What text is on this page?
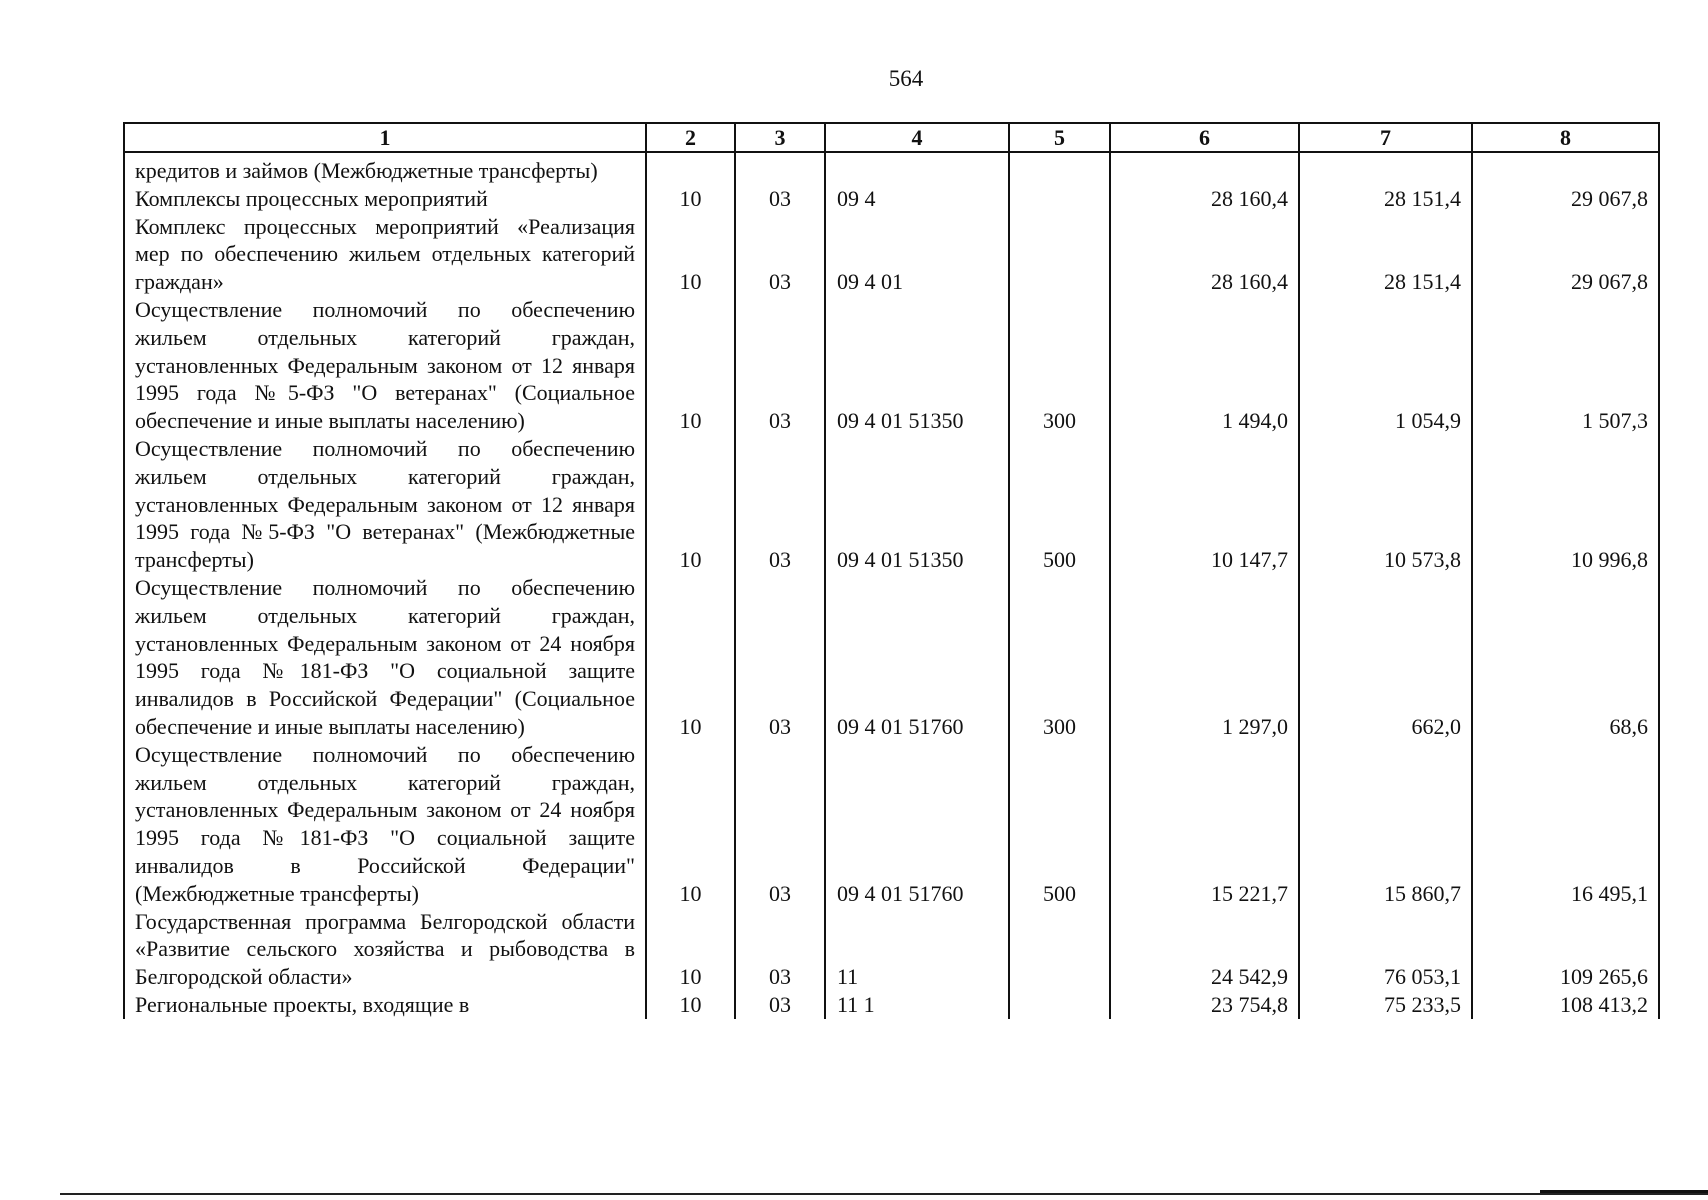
564
1	2	3	4	5	6	7	8
кредитов и займов (Межбюджетные трансферты)							
Комплексы процессных мероприятий	10	03	09 4		28 160,4	28 151,4	29 067,8
Комплекс процессных мероприятий «Реализация мер по обеспечению жильем отдельных категорий граждан»	10	03	09 4 01		28 160,4	28 151,4	29 067,8
Осуществление полномочий по обеспечению жильем отдельных категорий граждан, установленных Федеральным законом от 12 января 1995 года №5-ФЗ "О ветеранах" (Социальное обеспечение и иные выплаты населению)	10	03	09 4 01 51350	300	1 494,0	1 054,9	1 507,3
Осуществление полномочий по обеспечению жильем отдельных категорий граждан, установленных Федеральным законом от 12 января 1995 года №5-ФЗ "О ветеранах" (Межбюджетные трансферты)	10	03	09 4 01 51350	500	10 147,7	10 573,8	10 996,8
Осуществление полномочий по обеспечению жильем отдельных категорий граждан, установленных Федеральным законом от 24 ноября 1995 года №181-ФЗ "О социальной защите инвалидов в Российской Федерации" (Социальное обеспечение и иные выплаты населению)	10	03	09 4 01 51760	300	1 297,0	662,0	68,6
Осуществление полномочий по обеспечению жильем отдельных категорий граждан, установленных Федеральным законом от 24 ноября 1995 года №181-ФЗ "О социальной защите инвалидов в Российской Федерации" (Межбюджетные трансферты)	10	03	09 4 01 51760	500	15 221,7	15 860,7	16 495,1
Государственная программа Белгородской области «Развитие сельского хозяйства и рыбоводства в Белгородской области»	10	03	11		24 542,9	76 053,1	109 265,6
Региональные проекты, входящие в	10	03	11 1		23 754,8	75 233,5	108 413,2
